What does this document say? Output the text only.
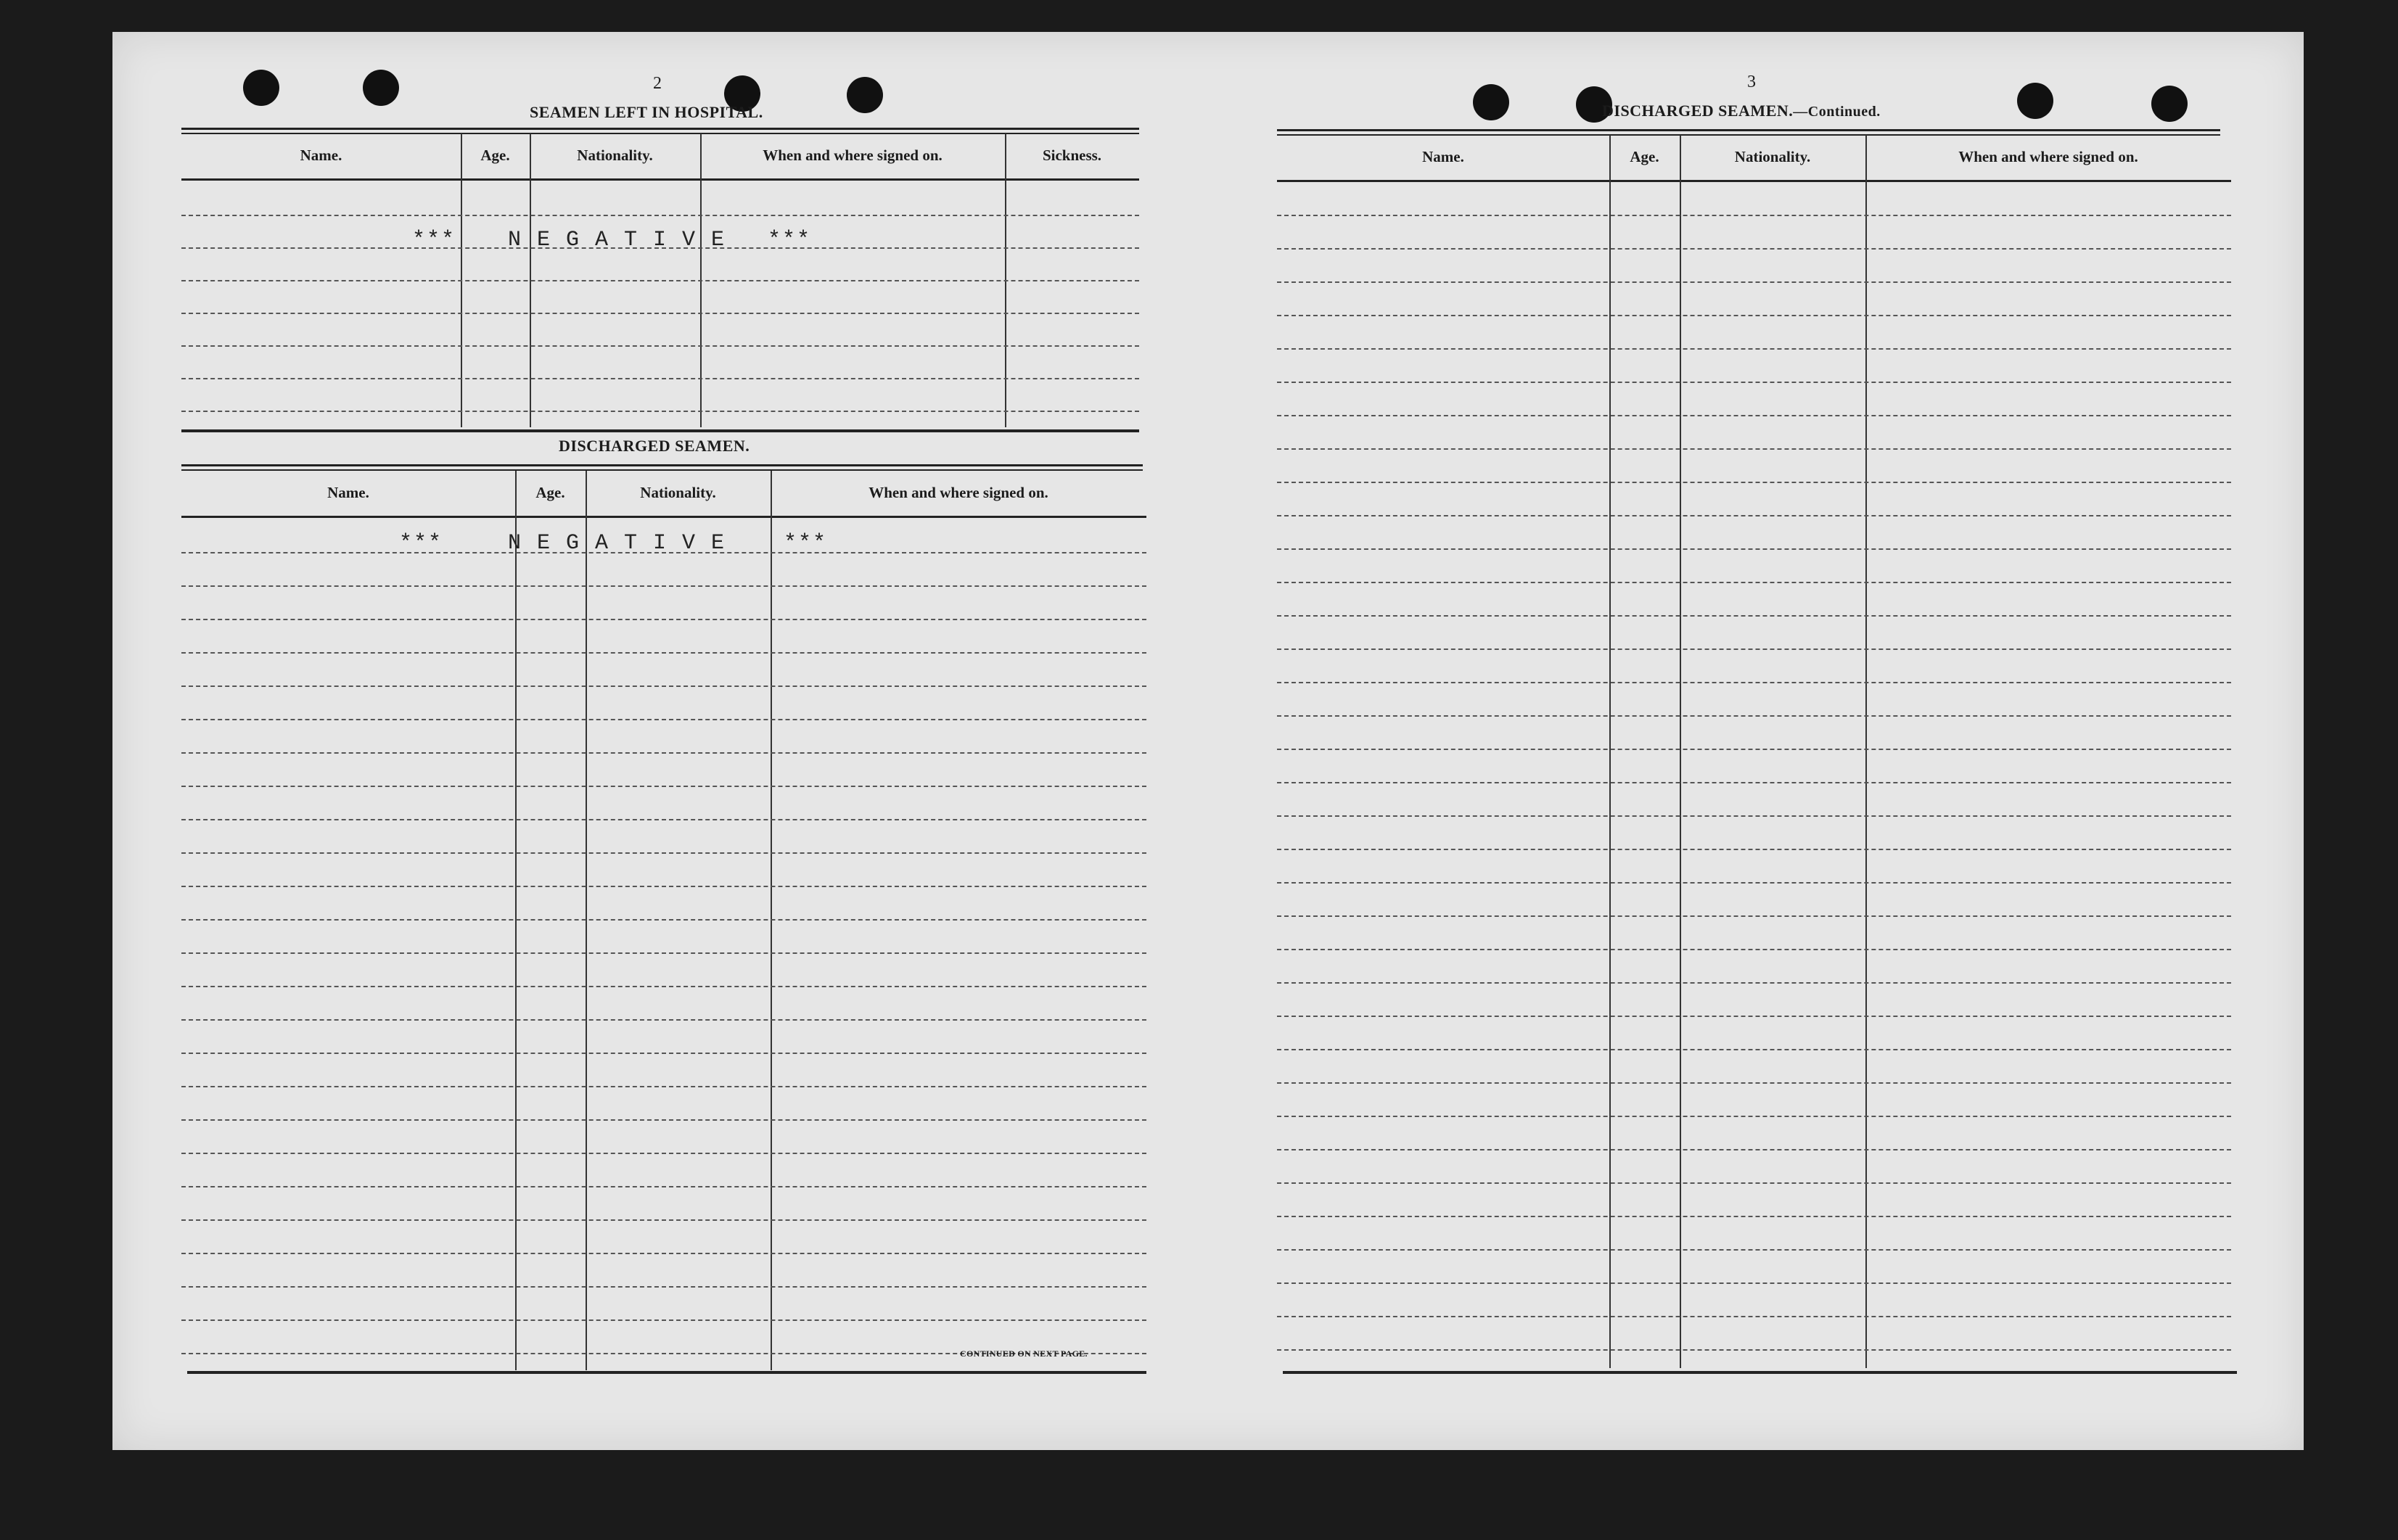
2
SEAMEN LEFT IN HOSPITAL.
Name.	Age.	Nationality.	When and where signed on.	Sickness.
*** N E G A T I V E ***
DISCHARGED SEAMEN.
Name.	Age.	Nationality.	When and where signed on.
***	N E G A T I V E	***
CONTINUED ON NEXT PAGE.
3
DISCHARGED SEAMEN.—Continued.
Name.	Age.	Nationality.	When and where signed on.
